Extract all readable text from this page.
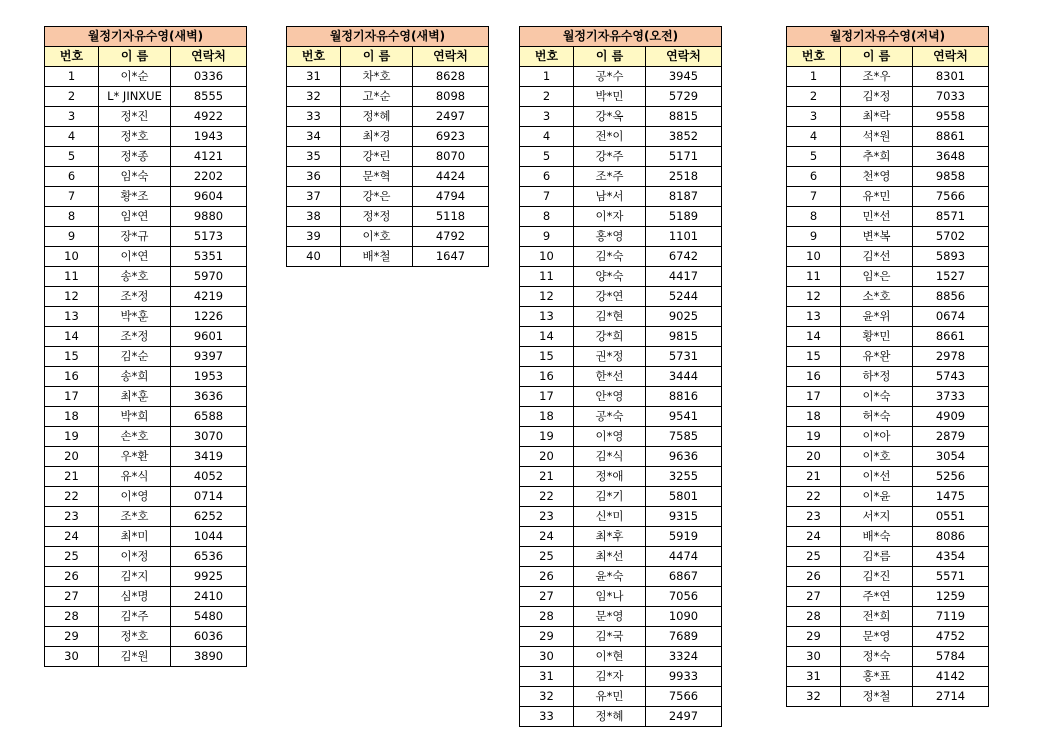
월정기자유수영(새벽)		
번호	이 름	연락처
1	이*순	0336
2	L* JINXUE	8555
3	정*진	4922
4	정*호	1943
5	정*종	4121
6	임*숙	2202
7	황*조	9604
8	임*연	9880
9	장*규	5173
10	이*연	5351
11	송*호	5970
12	조*정	4219
13	박*훈	1226
14	조*정	9601
15	김*순	9397
16	송*희	1953
17	최*훈	3636
18	박*희	6588
19	손*호	3070
20	우*환	3419
21	유*식	4052
22	이*영	0714
23	조*호	6252
24	최*미	1044
25	이*정	6536
26	김*지	9925
27	심*명	2410
28	김*주	5480
29	정*호	6036
30	김*원	3890
월정기자유수영(새벽)		
번호	이 름	연락처
31	차*호	8628
32	고*순	8098
33	정*혜	2497
34	최*경	6923
35	강*린	8070
36	문*혁	4424
37	강*은	4794
38	정*정	5118
39	이*호	4792
40	배*철	1647
월정기자유수영(오전)		
번호	이 름	연락처
1	공*수	3945
2	박*민	5729
3	강*옥	8815
4	전*이	3852
5	강*주	5171
6	조*주	2518
7	남*서	8187
8	이*자	5189
9	홍*영	1101
10	김*숙	6742
11	양*숙	4417
12	강*연	5244
13	김*현	9025
14	강*희	9815
15	권*정	5731
16	한*선	3444
17	안*영	8816
18	공*숙	9541
19	이*영	7585
20	김*식	9636
21	정*애	3255
22	김*기	5801
23	신*미	9315
24	최*후	5919
25	최*선	4474
26	윤*숙	6867
27	임*나	7056
28	문*영	1090
29	김*국	7689
30	이*현	3324
31	김*자	9933
32	유*민	7566
33	정*혜	2497
월정기자유수영(저녁)		
번호	이 름	연락처
1	조*우	8301
2	김*정	7033
3	최*락	9558
4	석*원	8861
5	추*희	3648
6	천*영	9858
7	유*민	7566
8	민*선	8571
9	변*복	5702
10	김*선	5893
11	임*은	1527
12	소*호	8856
13	윤*위	0674
14	황*민	8661
15	유*완	2978
16	하*정	5743
17	이*숙	3733
18	허*숙	4909
19	이*아	2879
20	이*호	3054
21	이*선	5256
22	이*윤	1475
23	서*지	0551
24	배*숙	8086
25	김*름	4354
26	김*진	5571
27	주*연	1259
28	전*희	7119
29	문*영	4752
30	정*숙	5784
31	홍*표	4142
32	정*철	2714
